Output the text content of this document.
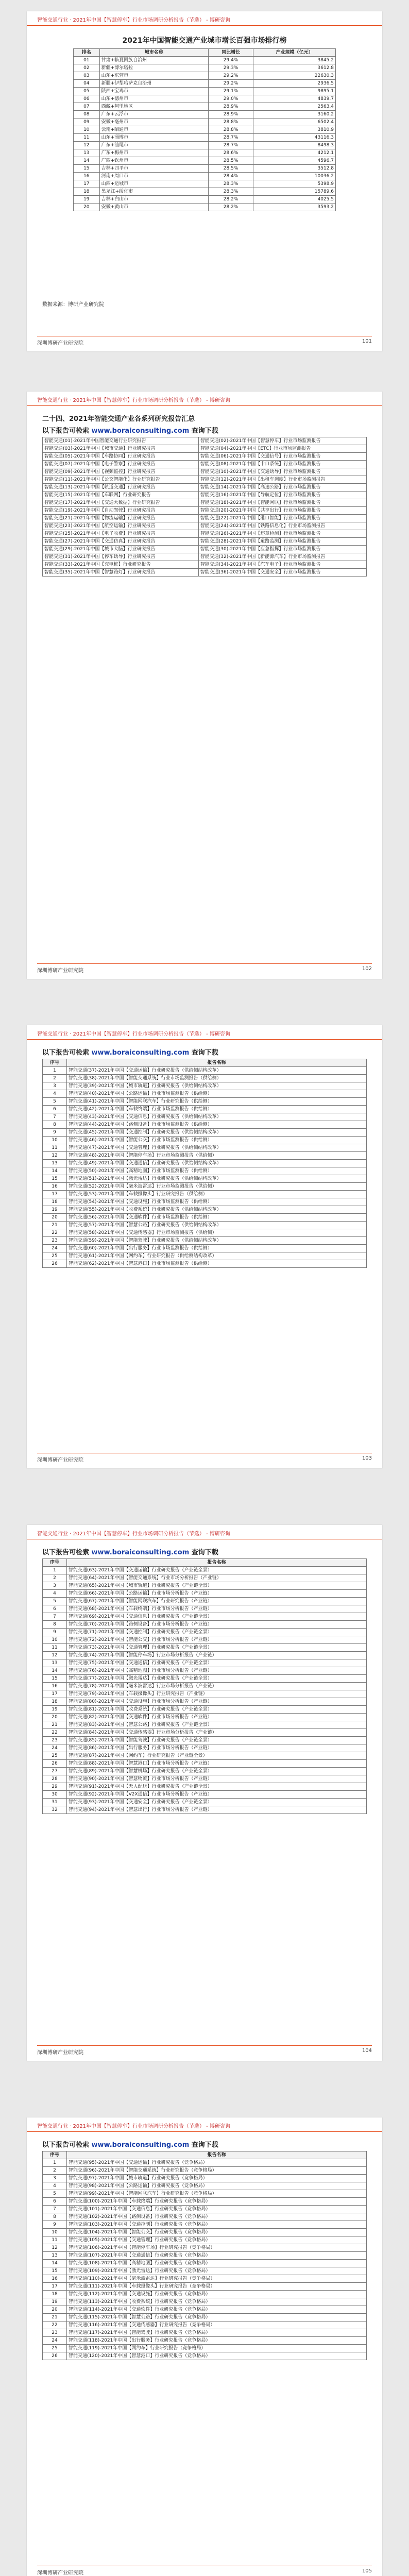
智能交通行业 · 2021年中国【智慧停车】行业市场调研分析报告（节选） - 博研咨询
2021年中国智能交通产业城市增长百强市场排行榜
排名	城市名称	同比增长	产业规模（亿元）
01	甘肃+临夏回族自治州	29.4%	3845.2
02	新疆+博尔塔拉	29.3%	3612.8
03	山东+东营市	29.2%	22630.3
04	新疆+伊犁哈萨克自治州	29.2%	2936.5
05	陕西+宝鸡市	29.1%	9895.1
06	山东+德州市	29.0%	4839.7
07	西藏+阿里地区	28.9%	2563.4
08	广东+云浮市	28.9%	3160.2
09	安徽+亳州市	28.8%	6502.4
10	云南+昭通市	28.8%	3810.9
11	山东+淄博市	28.7%	43116.3
12	广东+汕尾市	28.7%	8498.3
13	广东+梅州市	28.6%	4212.1
14	广西+钦州市	28.5%	4596.7
15	吉林+四平市	28.5%	3512.8
16	河南+周口市	28.4%	10036.2
17	山西+运城市	28.3%	5398.9
18	黑龙江+绥化市	28.3%	15789.6
19	吉林+白山市	28.2%	4025.5
20	安徽+黄山市	28.2%	3593.2
数据来源：博研产业研究院
深圳博研产业研究院	101
智能交通行业 · 2021年中国【智慧停车】行业市场调研分析报告（节选） - 博研咨询
二十四、2021年智能交通产业各系列研究报告汇总
以下报告可检索 www.boraiconsulting.com 查询下载
智能交通(01)-2021年中国智能交通行业研究报告	智能交通(02)-2021年中国【智慧停车】行业市场监测报告
智能交通(03)-2021年中国【城市交通】行业研究报告	智能交通(04)-2021年中国【ETC】行业市场监测报告
智能交通(05)-2021年中国【车路协同】行业研究报告	智能交通(06)-2021年中国【交通信号】行业市场监测报告
智能交通(07)-2021年中国【电子警察】行业研究报告	智能交通(08)-2021年中国【卡口系统】行业市场监测报告
智能交通(09)-2021年中国【视频监控】行业研究报告	智能交通(10)-2021年中国【交通诱导】行业市场监测报告
智能交通(11)-2021年中国【公交智能化】行业研究报告	智能交通(12)-2021年中国【出租车调度】行业市场监测报告
智能交通(13)-2021年中国【轨道交通】行业研究报告	智能交通(14)-2021年中国【高速公路】行业市场监测报告
智能交通(15)-2021年中国【车联网】行业研究报告	智能交通(16)-2021年中国【导航定位】行业市场监测报告
智能交通(17)-2021年中国【交通大数据】行业研究报告	智能交通(18)-2021年中国【智能网联】行业市场监测报告
智能交通(19)-2021年中国【自动驾驶】行业研究报告	智能交通(20)-2021年中国【共享出行】行业市场监测报告
智能交通(21)-2021年中国【物流运输】行业研究报告	智能交通(22)-2021年中国【港口智能】行业市场监测报告
智能交通(23)-2021年中国【航空运输】行业研究报告	智能交通(24)-2021年中国【铁路信息化】行业市场监测报告
智能交通(25)-2021年中国【电子收费】行业研究报告	智能交通(26)-2021年中国【违章检测】行业市场监测报告
智能交通(27)-2021年中国【交通仿真】行业研究报告	智能交通(28)-2021年中国【道路监测】行业市场监测报告
智能交通(29)-2021年中国【城市大脑】行业研究报告	智能交通(30)-2021年中国【应急指挥】行业市场监测报告
智能交通(31)-2021年中国【停车诱导】行业研究报告	智能交通(32)-2021年中国【新能源汽车】行业市场监测报告
智能交通(33)-2021年中国【充电桩】行业研究报告	智能交通(34)-2021年中国【汽车电子】行业市场监测报告
智能交通(35)-2021年中国【智慧路灯】行业研究报告	智能交通(36)-2021年中国【交通安全】行业市场监测报告
深圳博研产业研究院	102
智能交通行业 · 2021年中国【智慧停车】行业市场调研分析报告（节选） - 博研咨询
以下报告可检索 www.boraiconsulting.com 查询下载
序号	报告名称
1	智能交通(37)-2021年中国【交通运输】行业研究报告（供给侧结构改革）
2	智能交通(38)-2021年中国【智能交通系统】行业市场监测报告（供给侧）
3	智能交通(39)-2021年中国【城市轨道】行业研究报告（供给侧结构改革）
4	智能交通(40)-2021年中国【公路运输】行业市场监测报告（供给侧）
5	智能交通(41)-2021年中国【智能网联汽车】行业研究报告（供给侧）
6	智能交通(42)-2021年中国【车载终端】行业市场监测报告（供给侧）
7	智能交通(43)-2021年中国【交通信息】行业研究报告（供给侧结构改革）
8	智能交通(44)-2021年中国【路侧设备】行业市场监测报告（供给侧）
9	智能交通(45)-2021年中国【交通控制】行业研究报告（供给侧结构改革）
10	智能交通(46)-2021年中国【智能公交】行业市场监测报告（供给侧）
11	智能交通(47)-2021年中国【交通管理】行业研究报告（供给侧结构改革）
12	智能交通(48)-2021年中国【智能停车场】行业市场监测报告（供给侧）
13	智能交通(49)-2021年中国【交通通信】行业研究报告（供给侧结构改革）
14	智能交通(50)-2021年中国【高精地图】行业市场监测报告（供给侧）
15	智能交通(51)-2021年中国【激光雷达】行业研究报告（供给侧结构改革）
16	智能交通(52)-2021年中国【毫米波雷达】行业市场监测报告（供给侧）
17	智能交通(53)-2021年中国【车载摄像头】行业研究报告（供给侧）
18	智能交通(54)-2021年中国【交通设施】行业市场监测报告（供给侧）
19	智能交通(55)-2021年中国【收费系统】行业研究报告（供给侧结构改革）
20	智能交通(56)-2021年中国【交通软件】行业市场监测报告（供给侧）
21	智能交通(57)-2021年中国【智慧公路】行业研究报告（供给侧结构改革）
22	智能交通(58)-2021年中国【交通传感器】行业市场监测报告（供给侧）
23	智能交通(59)-2021年中国【智能驾驶】行业研究报告（供给侧结构改革）
24	智能交通(60)-2021年中国【出行服务】行业市场监测报告（供给侧）
25	智能交通(61)-2021年中国【网约车】行业研究报告（供给侧结构改革）
26	智能交通(62)-2021年中国【智慧港口】行业市场监测报告（供给侧）
深圳博研产业研究院	103
智能交通行业 · 2021年中国【智慧停车】行业市场调研分析报告（节选） - 博研咨询
以下报告可检索 www.boraiconsulting.com 查询下载
序号	报告名称
1	智能交通(63)-2021年中国【交通运输】行业研究报告（产业链全景）
2	智能交通(64)-2021年中国【智能交通系统】行业市场分析报告（产业链）
3	智能交通(65)-2021年中国【城市轨道】行业研究报告（产业链全景）
4	智能交通(66)-2021年中国【公路运输】行业市场分析报告（产业链）
5	智能交通(67)-2021年中国【智能网联汽车】行业研究报告（产业链）
6	智能交通(68)-2021年中国【车载终端】行业市场分析报告（产业链）
7	智能交通(69)-2021年中国【交通信息】行业研究报告（产业链全景）
8	智能交通(70)-2021年中国【路侧设备】行业市场分析报告（产业链）
9	智能交通(71)-2021年中国【交通控制】行业研究报告（产业链全景）
10	智能交通(72)-2021年中国【智能公交】行业市场分析报告（产业链）
11	智能交通(73)-2021年中国【交通管理】行业研究报告（产业链全景）
12	智能交通(74)-2021年中国【智能停车场】行业市场分析报告（产业链）
13	智能交通(75)-2021年中国【交通通信】行业研究报告（产业链全景）
14	智能交通(76)-2021年中国【高精地图】行业市场分析报告（产业链）
15	智能交通(77)-2021年中国【激光雷达】行业研究报告（产业链全景）
16	智能交通(78)-2021年中国【毫米波雷达】行业市场分析报告（产业链）
17	智能交通(79)-2021年中国【车载摄像头】行业研究报告（产业链）
18	智能交通(80)-2021年中国【交通设施】行业市场分析报告（产业链）
19	智能交通(81)-2021年中国【收费系统】行业研究报告（产业链全景）
20	智能交通(82)-2021年中国【交通软件】行业市场分析报告（产业链）
21	智能交通(83)-2021年中国【智慧公路】行业研究报告（产业链全景）
22	智能交通(84)-2021年中国【交通传感器】行业市场分析报告（产业链）
23	智能交通(85)-2021年中国【智能驾驶】行业研究报告（产业链全景）
24	智能交通(86)-2021年中国【出行服务】行业市场分析报告（产业链）
25	智能交通(87)-2021年中国【网约车】行业研究报告（产业链全景）
26	智能交通(88)-2021年中国【智慧港口】行业市场分析报告（产业链）
27	智能交通(89)-2021年中国【智慧机场】行业研究报告（产业链全景）
28	智能交通(90)-2021年中国【智慧物流】行业市场分析报告（产业链）
29	智能交通(91)-2021年中国【无人配送】行业研究报告（产业链全景）
30	智能交通(92)-2021年中国【V2X通信】行业市场分析报告（产业链）
31	智能交通(93)-2021年中国【交通安全】行业研究报告（产业链全景）
32	智能交通(94)-2021年中国【智慧出行】行业市场分析报告（产业链）
深圳博研产业研究院	104
智能交通行业 · 2021年中国【智慧停车】行业市场调研分析报告（节选） - 博研咨询
以下报告可检索 www.boraiconsulting.com 查询下载
序号	报告名称
1	智能交通(95)-2021年中国【交通运输】行业研究报告（竞争格局）
2	智能交通(96)-2021年中国【智能交通系统】行业研究报告（竞争格局）
3	智能交通(97)-2021年中国【城市轨道】行业研究报告（竞争格局）
4	智能交通(98)-2021年中国【公路运输】行业研究报告（竞争格局）
5	智能交通(99)-2021年中国【智能网联汽车】行业研究报告（竞争格局）
6	智能交通(100)-2021年中国【车载终端】行业研究报告（竞争格局）
7	智能交通(101)-2021年中国【交通信息】行业研究报告（竞争格局）
8	智能交通(102)-2021年中国【路侧设备】行业研究报告（竞争格局）
9	智能交通(103)-2021年中国【交通控制】行业研究报告（竞争格局）
10	智能交通(104)-2021年中国【智能公交】行业研究报告（竞争格局）
11	智能交通(105)-2021年中国【交通管理】行业研究报告（竞争格局）
12	智能交通(106)-2021年中国【智能停车场】行业研究报告（竞争格局）
13	智能交通(107)-2021年中国【交通通信】行业研究报告（竞争格局）
14	智能交通(108)-2021年中国【高精地图】行业研究报告（竞争格局）
15	智能交通(109)-2021年中国【激光雷达】行业研究报告（竞争格局）
16	智能交通(110)-2021年中国【毫米波雷达】行业研究报告（竞争格局）
17	智能交通(111)-2021年中国【车载摄像头】行业研究报告（竞争格局）
18	智能交通(112)-2021年中国【交通设施】行业研究报告（竞争格局）
19	智能交通(113)-2021年中国【收费系统】行业研究报告（竞争格局）
20	智能交通(114)-2021年中国【交通软件】行业研究报告（竞争格局）
21	智能交通(115)-2021年中国【智慧公路】行业研究报告（竞争格局）
22	智能交通(116)-2021年中国【交通传感器】行业研究报告（竞争格局）
23	智能交通(117)-2021年中国【智能驾驶】行业研究报告（竞争格局）
24	智能交通(118)-2021年中国【出行服务】行业研究报告（竞争格局）
25	智能交通(119)-2021年中国【网约车】行业研究报告（竞争格局）
26	智能交通(120)-2021年中国【智慧港口】行业研究报告（竞争格局）
深圳博研产业研究院	105
